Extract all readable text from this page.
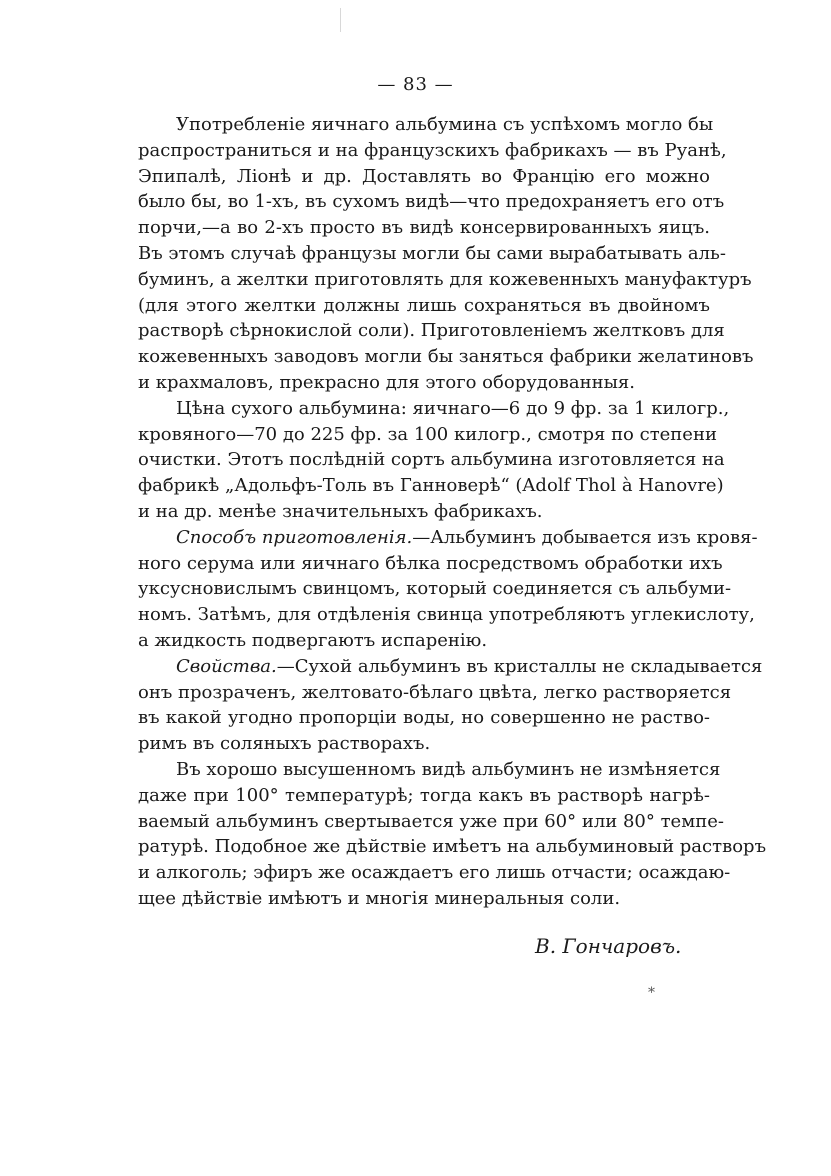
— 83 —
Употребленіе яичнаго альбумина съ успѣхомъ могло бы
распространиться и на французскихъ фабрикахъ — въ Руанѣ,
Эпипалѣ, Ліонѣ и др. Доставлять во Францію его можно
было бы, во 1-хъ, въ сухомъ видѣ—что предохраняетъ его отъ
порчи,—а во 2-хъ просто въ видѣ консервированныхъ яицъ.
Въ этомъ случаѣ французы могли бы сами вырабатывать аль-
буминъ, а желтки приготовлять для кожевенныхъ мануфактуръ
(для этого желтки должны лишь сохраняться въ двойномъ
растворѣ сѣрнокислой соли). Приготовленіемъ желтковъ для
кожевенныхъ заводовъ могли бы заняться фабрики желатиновъ
и крахмаловъ, прекрасно для этого оборудованныя.
Цѣна сухого альбумина: яичнаго—6 до 9 фр. за 1 килогр.,
кровяного—70 до 225 фр. за 100 килогр., смотря по степени
очистки. Этотъ послѣдній сортъ альбумина изготовляется на
фабрикѣ „Адольфъ-Толь въ Ганноверѣ“ (Adolf Thol à Hanovre)
и на др. менѣе значительныхъ фабрикахъ.
Способъ приготовленія.—Альбуминъ добывается изъ кровя-
ного серума или яичнаго бѣлка посредствомъ обработки ихъ
уксусновислымъ свинцомъ, который соединяется съ альбуми-
номъ. Затѣмъ, для отдѣленія свинца употребляютъ углекислоту,
а жидкость подвергаютъ испаренію.
Свойства.—Сухой альбуминъ въ кристаллы не складывается
онъ прозраченъ, желтовато-бѣлаго цвѣта, легко растворяется
въ какой угодно пропорціи воды, но совершенно не раство-
римъ въ соляныхъ растворахъ.
Въ хорошо высушенномъ видѣ альбуминъ не измѣняется
даже при 100° температурѣ; тогда какъ въ растворѣ нагрѣ-
ваемый альбуминъ свертывается уже при 60° или 80° темпе-
ратурѣ. Подобное же дѣйствіе имѣетъ на альбуминовый растворъ
и алкоголь; эфиръ же осаждаетъ его лишь отчасти; осаждаю-
щее дѣйствіе имѣютъ и многія минеральныя соли.
В. Гончаровъ.
*
